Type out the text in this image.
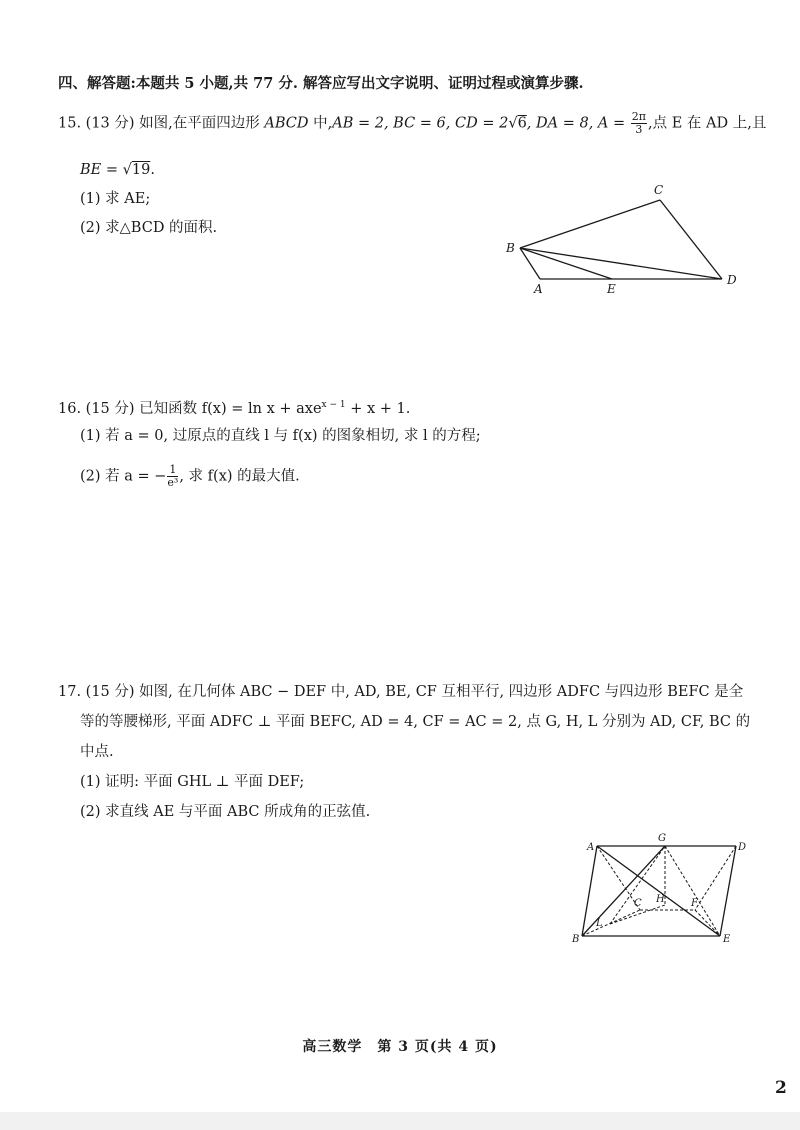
四、解答题:本题共 5 小题,共 77 分. 解答应写出文字说明、证明过程或演算步骤.
15. (13 分) 如图,在平面四边形 ABCD 中,AB = 2, BC = 6, CD = 2√6, DA = 8, $A = \frac{2\pi}{3}$ ,点 E 在 AD 上,且
BE = √19.
(1) 求 AE;
(2) 求△BCD 的面积.
C
B
A	E
D
16. (15 分) 已知函数 f(x) = ln x + axe$^{x - 1}$ + x + 1.
(1) 若 a = 0, 过原点的直线 l 与 f(x) 的图象相切, 求 l 的方程;
(2) 若 a = − $\frac{1}{\text{e³}}$ , 求 f(x) 的最大值.
17. (15 分) 如图, 在几何体 ABC − DEF 中, AD, BE, CF 互相平行, 四边形 ADFC 与四边形 BEFC 是全
等的等腰梯形, 平面 ADFC ⊥ 平面 BEFC, AD = 4, CF = AC = 2, 点 G, H, L 分别为 AD, CF, BC 的
中点.
(1) 证明: 平面 GHL ⊥ 平面 DEF;
(2) 求直线 AE 与平面 ABC 所成角的正弦值.
A
G
D
C H	F
L
B	E
高三数学　第 3 页(共 4 页)
2
